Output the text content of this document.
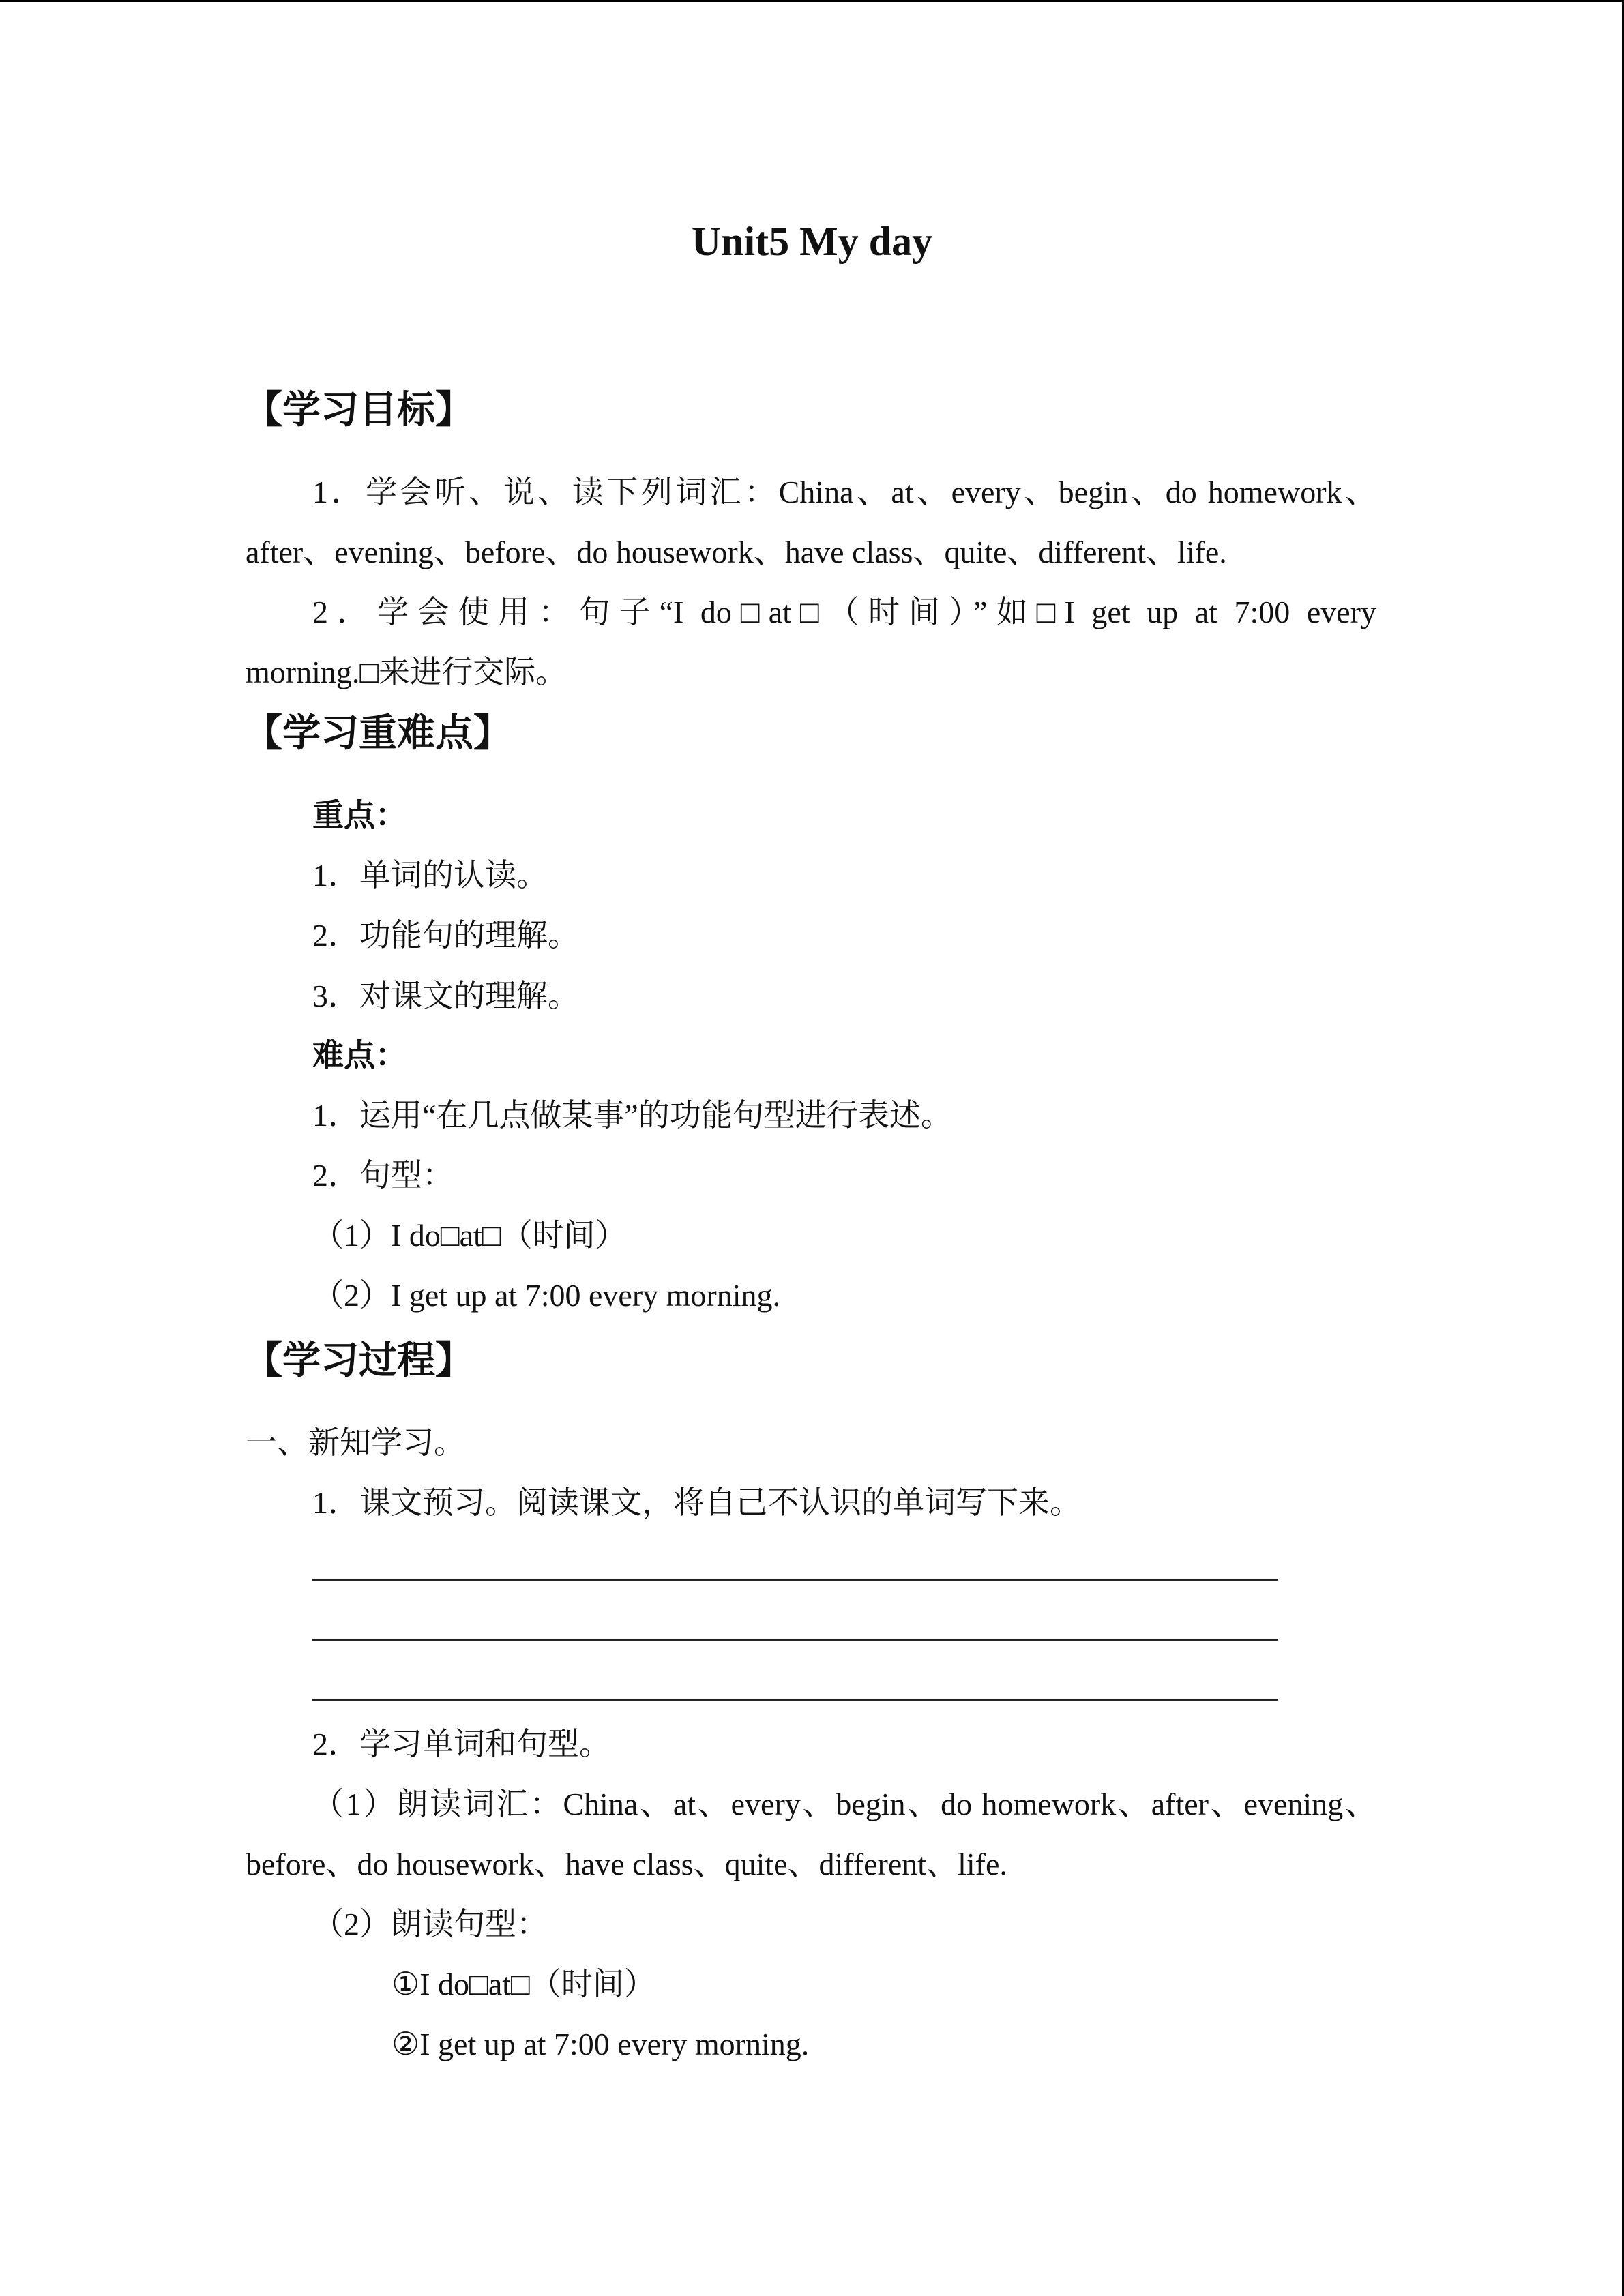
Unit5 My day
【学习目标】
1．学会听、说、读下列词汇：China、at、every、begin、do homework、
after、evening、before、do housework、have class、quite、different、life.
2．学会使用：句子“I do□at□（时间）”如□I get up at 7:00 every
morning.□来进行交际。
【学习重难点】
重点：
1．单词的认读。
2．功能句的理解。
3．对课文的理解。
难点：
1．运用“在几点做某事”的功能句型进行表述。
2．句型：
（1）I do□at□（时间）
（2）I get up at 7:00 every morning.
【学习过程】
一、新知学习。
1．课文预习。阅读课文，将自己不认识的单词写下来。
2．学习单词和句型。
（1）朗读词汇：China、at、every、begin、do homework、after、evening、
before、do housework、have class、quite、different、life.
（2）朗读句型：
①I do□at□（时间）
②I get up at 7:00 every morning.
